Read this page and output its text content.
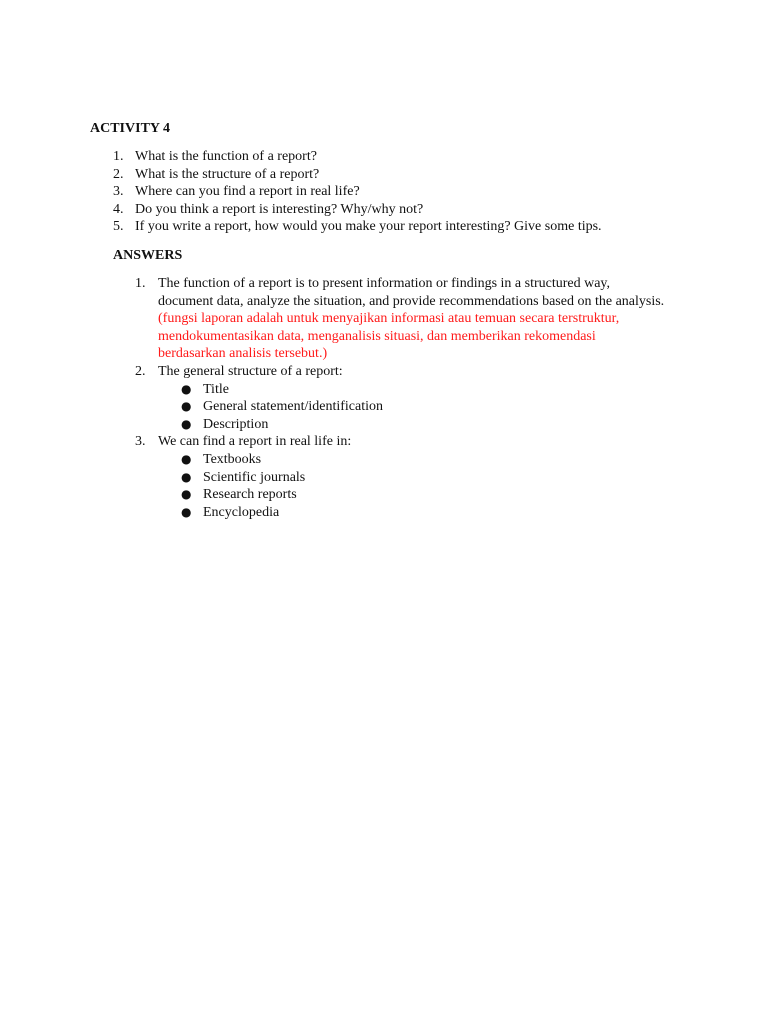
ACTIVITY 4

1. What is the function of a report?
2. What is the structure of a report?
3. Where can you find a report in real life?
4. Do you think a report is interesting? Why/why not?
5. If you write a report, how would you make your report interesting? Give some tips.

ANSWERS

1. The function of a report is to present information or findings in a structured way, document data, analyze the situation, and provide recommendations based on the analysis. (fungsi laporan adalah untuk menyajikan informasi atau temuan secara terstruktur, mendokumentasikan data, menganalisis situasi, dan memberikan rekomendasi berdasarkan analisis tersebut.)
2. The general structure of a report:
● Title
● General statement/identification
● Description
3. We can find a report in real life in:
● Textbooks
● Scientific journals
● Research reports
● Encyclopedia
